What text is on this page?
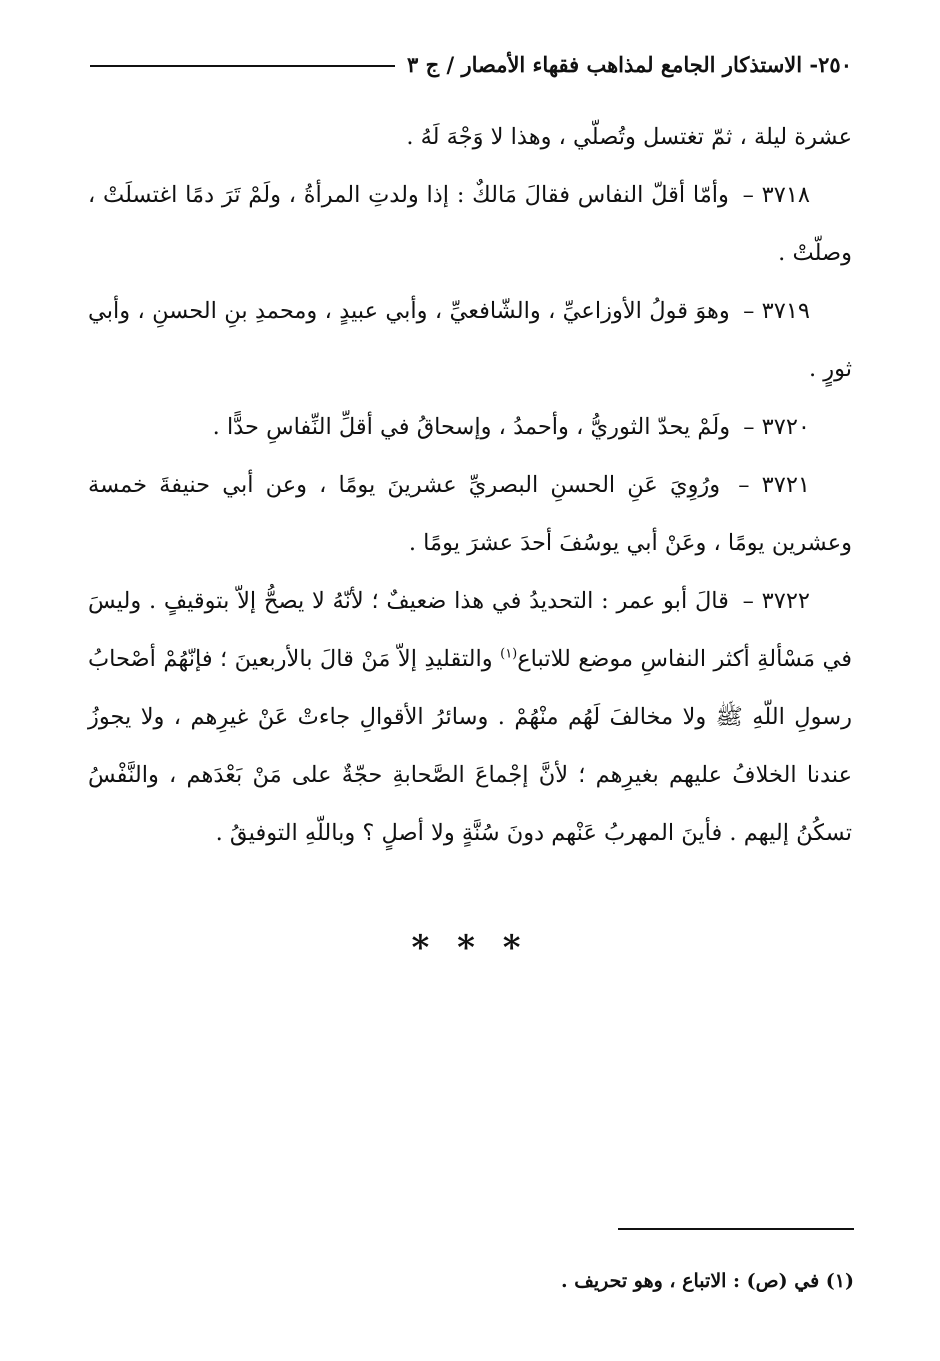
٢٥٠- الاستذكار الجامع لمذاهب فقهاء الأمصار / ج ٣

عشرة ليلة ، ثمّ تغتسل وتُصلّي ، وهذا لا وَجْهَ لَهُ .

٣٧١٨ – وأمّا أقلّ النفاس فقالَ مَالكٌ : إذا ولدتِ المرأةُ ، ولَمْ تَرَ دمًا اغتسلَتْ ، وصلّتْ .

٣٧١٩ – وهوَ قولُ الأوزاعيِّ ، والشّافعيِّ ، وأبي عبيدٍ ، ومحمدِ بنِ الحسنِ ، وأبي ثورٍ .

٣٧٢٠ – ولَمْ يحدّ الثوريُّ ، وأحمدُ ، وإسحاقُ في أقلِّ النِّفاسِ حدًّا .

٣٧٢١ – ورُوِيَ عَنِ الحسنِ البصريِّ عشرينَ يومًا ، وعن أبي حنيفةَ خمسة وعشرين يومًا ، وعَنْ أبي يوسُفَ أحدَ عشرَ يومًا .

٣٧٢٢ – قالَ أبو عمر : التحديدُ في هذا ضعيفٌ ؛ لأنّهُ لا يصحُّ إلاّ بتوقيفٍ . وليسَ في مَسْألةِ أكثر النفاسِ موضع للاتباع$^{(١)}$ والتقليدِ إلاّ مَنْ قالَ بالأربعينَ ؛ فإنّهُمْ أصْحابُ رسولِ اللّهِ ﷺ ولا مخالفَ لَهُم منْهُمْ . وسائرُ الأقوالِ جاءتْ عَنْ غيرِهم ، ولا يجوزُ عندنا الخلافُ عليهم بغيرِهم ؛ لأنَّ إجْماعَ الصَّحابةِ حجّةٌ على مَنْ بَعْدَهم ، والنَّفْسُ تسكُنُ إليهم . فأينَ المهربُ عَنْهم دونَ سُنَّةٍ ولا أصلٍ ؟ وباللّهِ التوفيقُ .

* * *
(١) في (ص) : الاتباع ، وهو تحريف .
